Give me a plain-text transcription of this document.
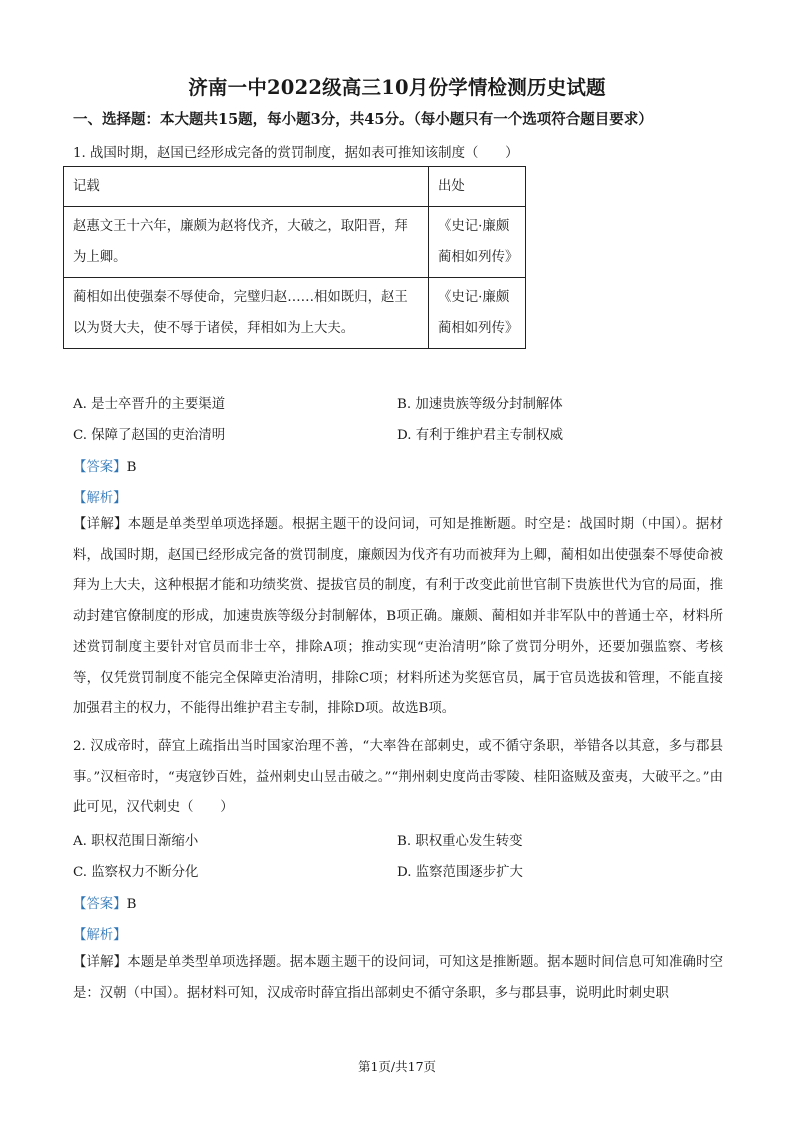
济南一中2022级高三10月份学情检测历史试题
一、选择题：本大题共15题，每小题3分，共45分。（每小题只有一个选项符合题目要求）
1. 战国时期，赵国已经形成完备的赏罚制度，据如表可推知该制度（　　）
记载	出处
赵惠文王十六年，廉颇为赵将伐齐，大破之，取阳晋，拜为上卿。	《史记·廉颇蔺相如列传》
蔺相如出使强秦不辱使命，完璧归赵……相如既归，赵王以为贤大夫，使不辱于诸侯，拜相如为上大夫。	《史记·廉颇蔺相如列传》
A. 是士卒晋升的主要渠道	B. 加速贵族等级分封制解体
C. 保障了赵国的吏治清明	D. 有利于维护君主专制权威
【答案】B
【解析】

【详解】本题是单类型单项选择题。根据主题干的设问词，可知是推断题。时空是：战国时期（中国）。据材料，战国时期，赵国已经形成完备的赏罚制度，廉颇因为伐齐有功而被拜为上卿，蔺相如出使强秦不辱使命被拜为上大夫，这种根据才能和功绩奖赏、提拔官员的制度，有利于改变此前世官制下贵族世代为官的局面，推动封建官僚制度的形成，加速贵族等级分封制解体，B项正确。廉颇、蔺相如并非军队中的普通士卒，材料所述赏罚制度主要针对官员而非士卒，排除A项；推动实现“吏治清明”除了赏罚分明外，还要加强监察、考核等，仅凭赏罚制度不能完全保障吏治清明，排除C项；材料所述为奖惩官员，属于官员选拔和管理，不能直接加强君主的权力，不能得出维护君主专制，排除D项。故选B项。

2. 汉成帝时，薛宜上疏指出当时国家治理不善，“大率咎在部刺史，或不循守条职，举错各以其意，多与郡县事。”汉桓帝时，“夷寇钞百姓，益州刺史山昱击破之。”“荆州刺史度尚击零陵、桂阳盗贼及蛮夷，大破平之。”由此可见，汉代刺史（　　）

A. 职权范围日渐缩小	B. 职权重心发生转变
C. 监察权力不断分化	D. 监察范围逐步扩大
【答案】B
【解析】

【详解】本题是单类型单项选择题。据本题主题干的设问词，可知这是推断题。据本题时间信息可知准确时空是：汉朝（中国）。据材料可知，汉成帝时薛宜指出部刺史不循守条职，多与郡县事，说明此时刺史职

第1页/共17页
